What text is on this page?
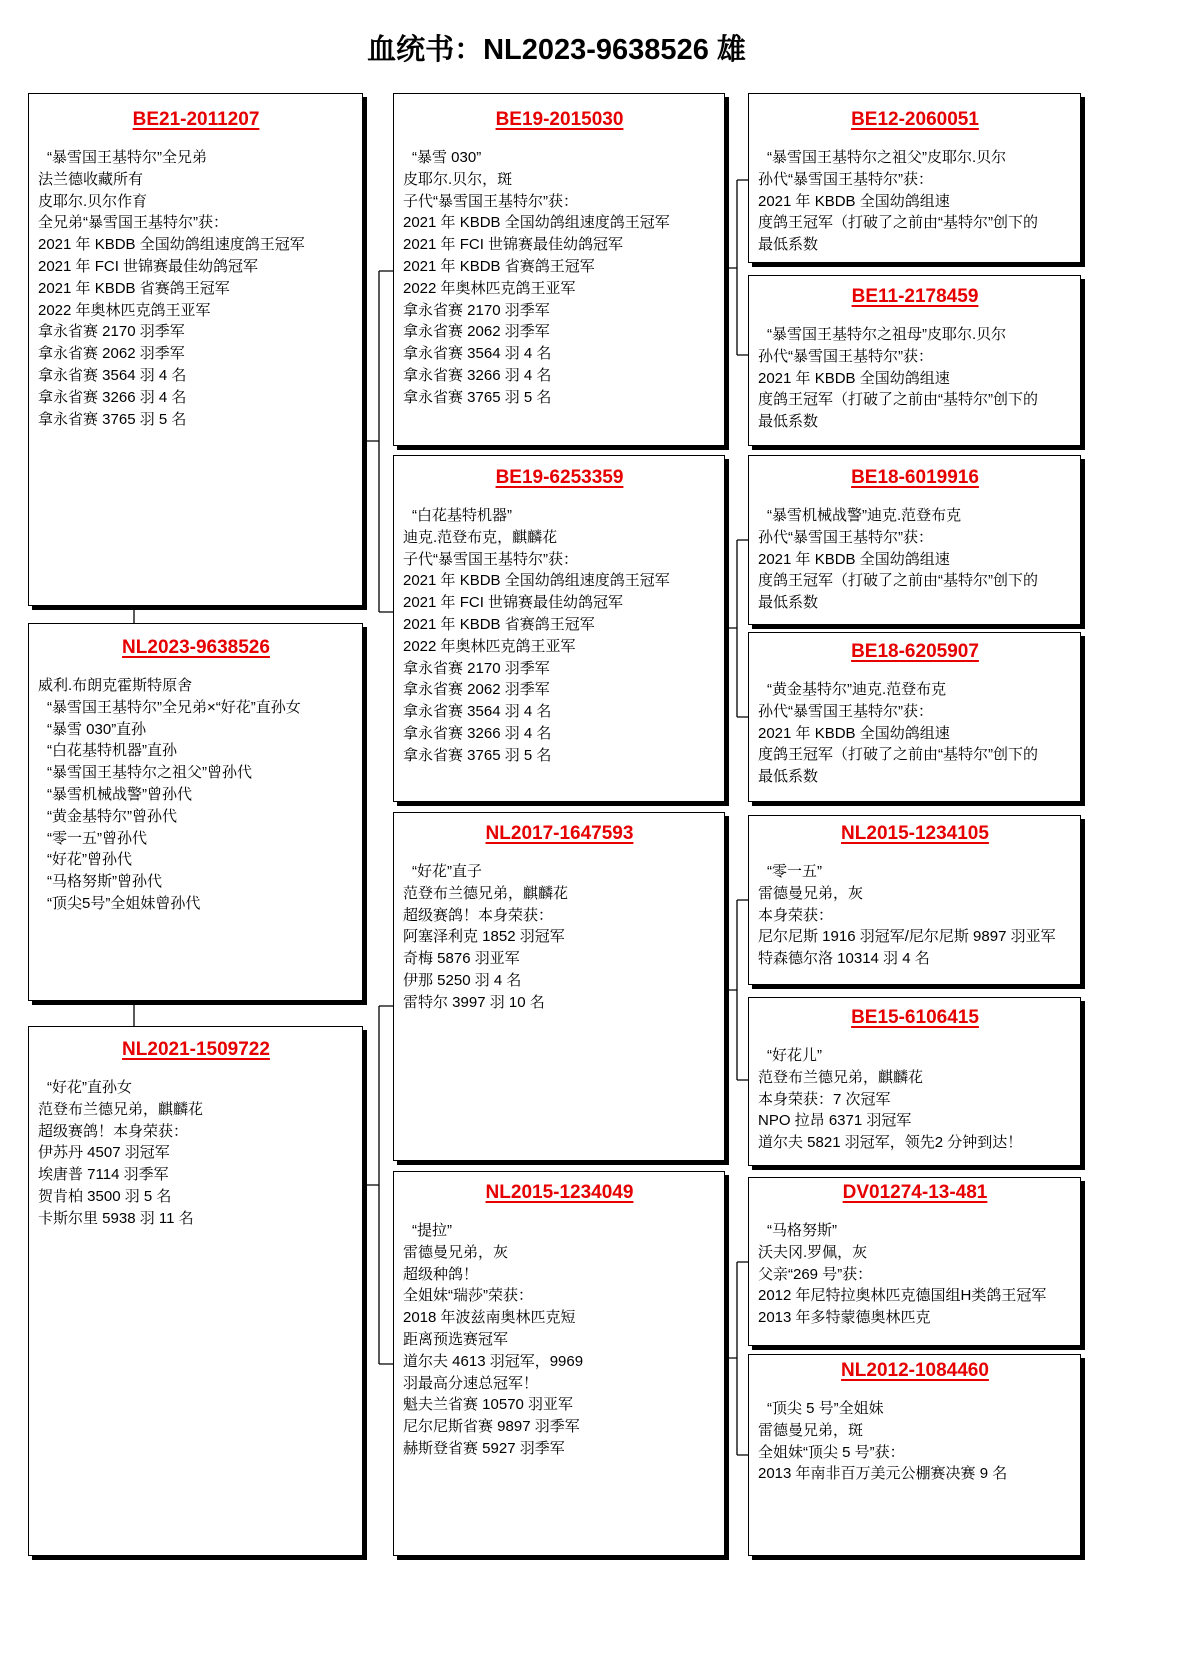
血统书：NL2023-9638526 雄
BE21-2011207
“暴雪国王基特尔”全兄弟
法兰德收藏所有
皮耶尔.贝尔作育
全兄弟“暴雪国王基特尔”获：
2021 年 KBDB 全国幼鸽组速度鸽王冠军
2021 年 FCI 世锦赛最佳幼鸽冠军
2021 年 KBDB 省赛鸽王冠军
2022 年奥林匹克鸽王亚军
拿永省赛 2170 羽季军
拿永省赛 2062 羽季军
拿永省赛 3564 羽 4 名
拿永省赛 3266 羽 4 名
拿永省赛 3765 羽 5 名
NL2023-9638526
威利.布朗克霍斯特原舍
“暴雪国王基特尔”全兄弟×“好花”直孙女
“暴雪 030”直孙
“白花基特机器”直孙
“暴雪国王基特尔之祖父”曾孙代
“暴雪机械战警”曾孙代
“黄金基特尔”曾孙代
“零一五”曾孙代
“好花”曾孙代
“马格努斯”曾孙代
“顶尖5号”全姐妹曾孙代
NL2021-1509722
“好花”直孙女
范登布兰德兄弟，麒麟花
超级赛鸽！本身荣获：
伊苏丹 4507 羽冠军
埃唐普 7114 羽季军
贺肯柏 3500 羽 5 名
卡斯尔里 5938 羽 11 名
BE19-2015030
“暴雪 030”
皮耶尔.贝尔，斑
子代“暴雪国王基特尔”获：
2021 年 KBDB 全国幼鸽组速度鸽王冠军
2021 年 FCI 世锦赛最佳幼鸽冠军
2021 年 KBDB 省赛鸽王冠军
2022 年奥林匹克鸽王亚军
拿永省赛 2170 羽季军
拿永省赛 2062 羽季军
拿永省赛 3564 羽 4 名
拿永省赛 3266 羽 4 名
拿永省赛 3765 羽 5 名
BE19-6253359
“白花基特机器”
迪克.范登布克，麒麟花
子代“暴雪国王基特尔”获：
2021 年 KBDB 全国幼鸽组速度鸽王冠军
2021 年 FCI 世锦赛最佳幼鸽冠军
2021 年 KBDB 省赛鸽王冠军
2022 年奥林匹克鸽王亚军
拿永省赛 2170 羽季军
拿永省赛 2062 羽季军
拿永省赛 3564 羽 4 名
拿永省赛 3266 羽 4 名
拿永省赛 3765 羽 5 名
NL2017-1647593
“好花”直子
范登布兰德兄弟，麒麟花
超级赛鸽！本身荣获：
阿塞泽利克 1852 羽冠军
奇梅 5876 羽亚军
伊那 5250 羽 4 名
雷特尔 3997 羽 10 名
NL2015-1234049
“提拉”
雷德曼兄弟，灰
超级种鸽！
全姐妹“瑞莎”荣获：
2018 年波兹南奥林匹克短
距离预选赛冠军
道尔夫 4613 羽冠军，9969
羽最高分速总冠军！
魁夫兰省赛 10570 羽亚军
尼尔尼斯省赛 9897 羽季军
赫斯登省赛 5927 羽季军
BE12-2060051
“暴雪国王基特尔之祖父”皮耶尔.贝尔
孙代“暴雪国王基特尔”获：
2021 年 KBDB 全国幼鸽组速
度鸽王冠军（打破了之前由“基特尔”创下的
最低系数
BE11-2178459
“暴雪国王基特尔之祖母”皮耶尔.贝尔
孙代“暴雪国王基特尔”获：
2021 年 KBDB 全国幼鸽组速
度鸽王冠军（打破了之前由“基特尔”创下的
最低系数
BE18-6019916
“暴雪机械战警”迪克.范登布克
孙代“暴雪国王基特尔”获：
2021 年 KBDB 全国幼鸽组速
度鸽王冠军（打破了之前由“基特尔”创下的
最低系数
BE18-6205907
“黄金基特尔”迪克.范登布克
孙代“暴雪国王基特尔”获：
2021 年 KBDB 全国幼鸽组速
度鸽王冠军（打破了之前由“基特尔”创下的
最低系数
NL2015-1234105
“零一五”
雷德曼兄弟，灰
本身荣获：
尼尔尼斯 1916 羽冠军/尼尔尼斯 9897 羽亚军
特森德尔洛 10314 羽 4 名
BE15-6106415
“好花儿”
范登布兰德兄弟，麒麟花
本身荣获：7 次冠军
NPO 拉昂 6371 羽冠军
道尔夫 5821 羽冠军，领先2 分钟到达！
DV01274-13-481
“马格努斯”
沃夫冈.罗佩，灰
父亲“269 号”获：
2012 年尼特拉奥林匹克德国组H类鸽王冠军
2013 年多特蒙德奥林匹克
NL2012-1084460
“顶尖 5 号”全姐妹
雷德曼兄弟，斑
全姐妹“顶尖 5 号”获：
2013 年南非百万美元公棚赛决赛 9 名
